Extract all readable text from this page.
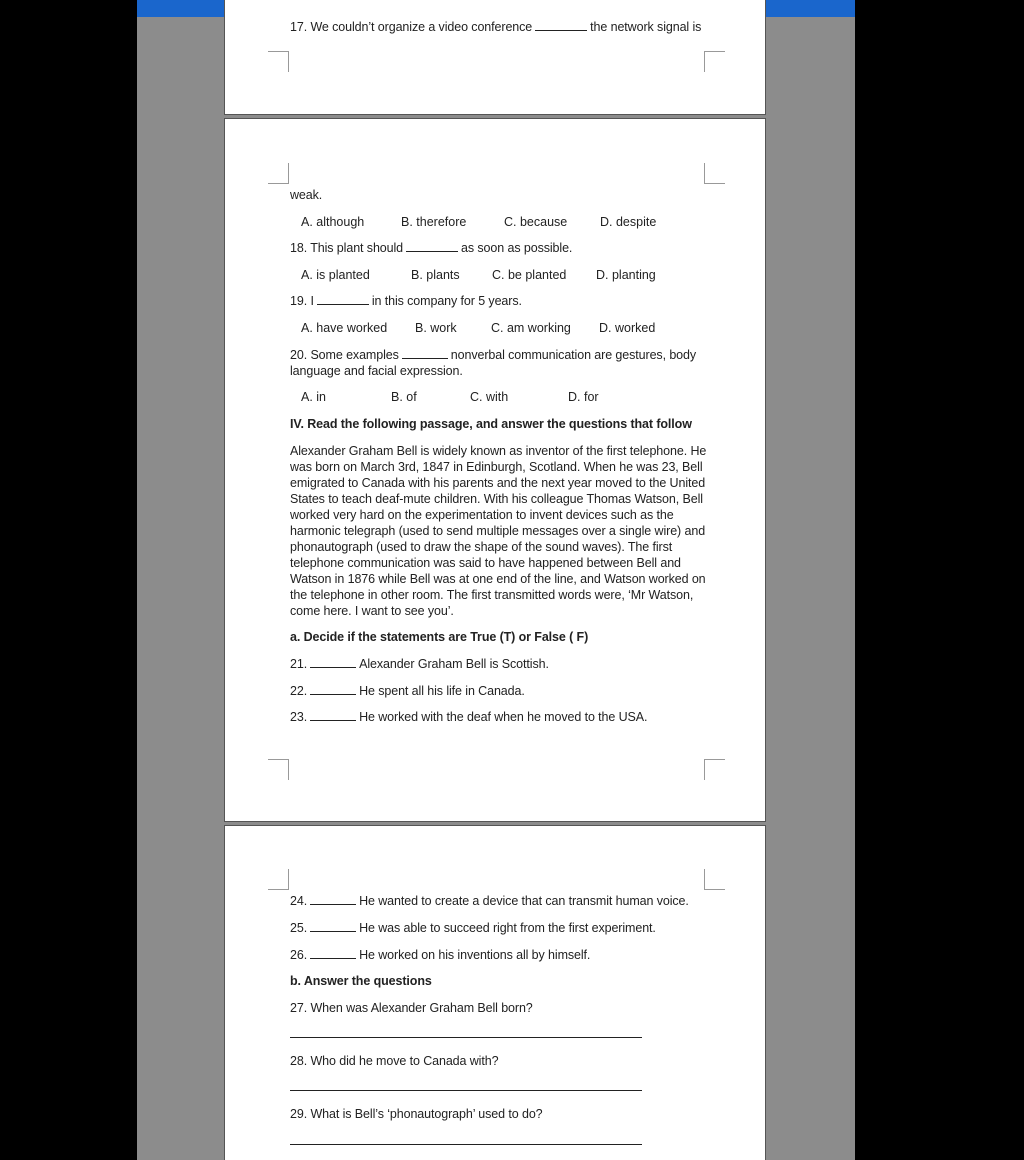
17. We couldn’t organize a video conference	the network signal is
weak.
A. although	B. therefore	C. because	D. despite
18. This plant should	as soon as possible.
A. is planted	B. plants	C. be planted D. planting
19. I	in this company for 5 years.
A. have worked B. work	C. am working D. worked
20. Some examples	nonverbal communication are gestures, body
language and facial expression.
A. in	B. of	C. with	D. for
IV. Read the following passage, and answer the questions that follow
Alexander Graham Bell is widely known as inventor of the first telephone. He
was born on March 3rd, 1847 in Edinburgh, Scotland. When he was 23, Bell
emigrated to Canada with his parents and the next year moved to the United
States to teach deaf-mute children. With his colleague Thomas Watson, Bell
worked very hard on the experimentation to invent devices such as the
harmonic telegraph (used to send multiple messages over a single wire) and
phonautograph (used to draw the shape of the sound waves). The first
telephone communication was said to have happened between Bell and
Watson in 1876 while Bell was at one end of the line, and Watson worked on
the telephone in other room. The first transmitted words were, ‘Mr Watson,
come here. I want to see you’.
a. Decide if the statements are True (T) or False ( F)
21.	Alexander Graham Bell is Scottish.
22.	He spent all his life in Canada.
23.	He worked with the deaf when he moved to the USA.
24.	He wanted to create a device that can transmit human voice.
25.	He was able to succeed right from the first experiment.
26.	He worked on his inventions all by himself.
b. Answer the questions
27. When was Alexander Graham Bell born?
28. Who did he move to Canada with?
29. What is Bell’s ‘phonautograph’ used to do?
